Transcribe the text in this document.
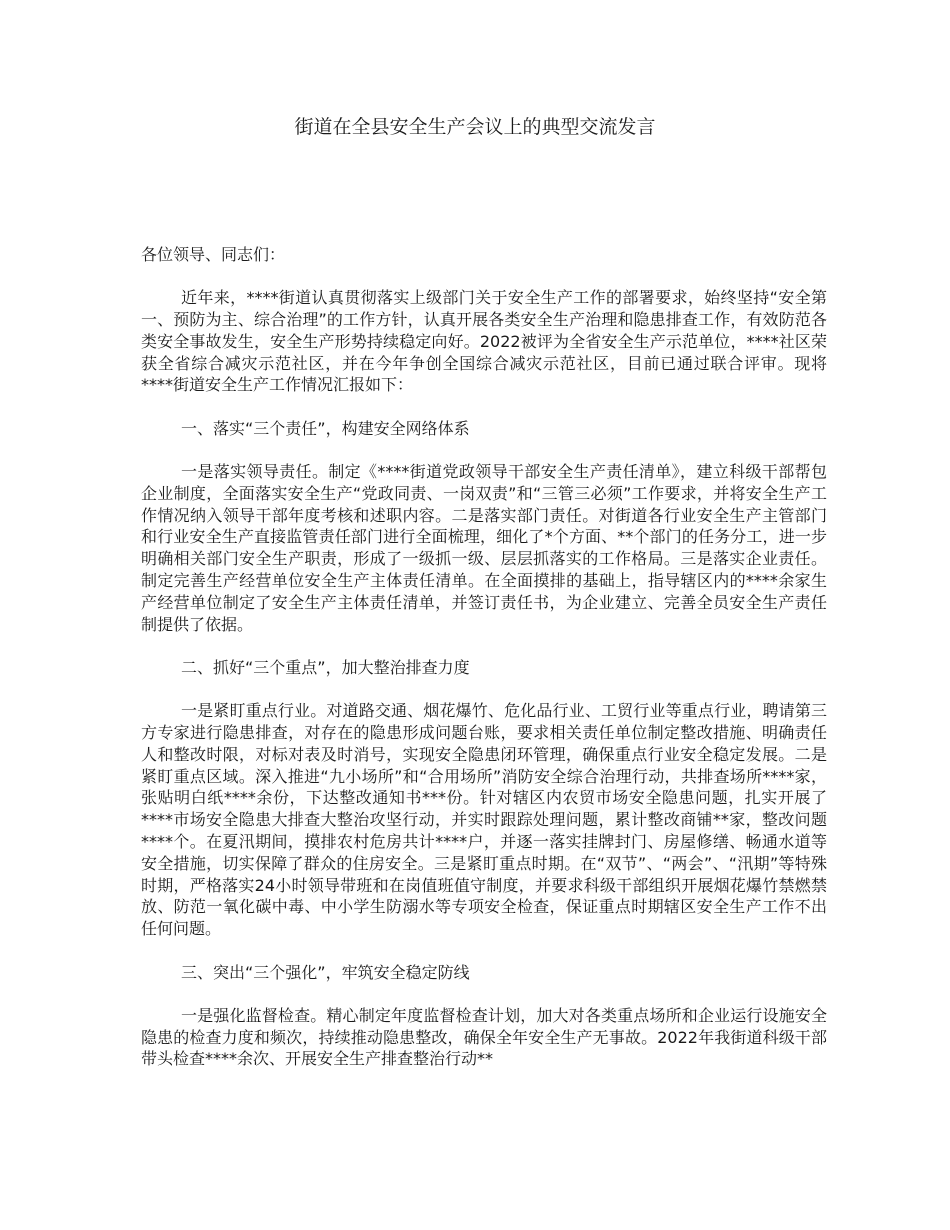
街道在全县安全生产会议上的典型交流发言

各位领导、同志们：

近年来，****街道认真贯彻落实上级部门关于安全生产工作的部署要求，始终坚持“安全第一、预防为主、综合治理”的工作方针，认真开展各类安全生产治理和隐患排查工作，有效防范各类安全事故发生，安全生产形势持续稳定向好。2022被评为全省安全生产示范单位，****社区荣获全省综合减灾示范社区，并在今年争创全国综合减灾示范社区，目前已通过联合评审。现将****街道安全生产工作情况汇报如下：

一、落实“三个责任”，构建安全网络体系

一是落实领导责任。制定《****街道党政领导干部安全生产责任清单》，建立科级干部帮包企业制度，全面落实安全生产“党政同责、一岗双责”和“三管三必须”工作要求，并将安全生产工作情况纳入领导干部年度考核和述职内容。二是落实部门责任。对街道各行业安全生产主管部门和行业安全生产直接监管责任部门进行全面梳理，细化了*个方面、**个部门的任务分工，进一步明确相关部门安全生产职责，形成了一级抓一级、层层抓落实的工作格局。三是落实企业责任。制定完善生产经营单位安全生产主体责任清单。在全面摸排的基础上，指导辖区内的****余家生产经营单位制定了安全生产主体责任清单，并签订责任书，为企业建立、完善全员安全生产责任制提供了依据。

二、抓好“三个重点”，加大整治排查力度

一是紧盯重点行业。对道路交通、烟花爆竹、危化品行业、工贸行业等重点行业，聘请第三方专家进行隐患排查，对存在的隐患形成问题台账，要求相关责任单位制定整改措施、明确责任人和整改时限，对标对表及时消号，实现安全隐患闭环管理，确保重点行业安全稳定发展。二是紧盯重点区域。深入推进“九小场所”和“合用场所”消防安全综合治理行动，共排查场所****家，张贴明白纸****余份，下达整改通知书***份。针对辖区内农贸市场安全隐患问题，扎实开展了****市场安全隐患大排查大整治攻坚行动，并实时跟踪处理问题，累计整改商铺**家，整改问题****个。在夏汛期间，摸排农村危房共计****户，并逐一落实挂牌封门、房屋修缮、畅通水道等安全措施，切实保障了群众的住房安全。三是紧盯重点时期。在“双节”、“两会”、“汛期”等特殊时期，严格落实24小时领导带班和在岗值班值守制度，并要求科级干部组织开展烟花爆竹禁燃禁放、防范一氧化碳中毒、中小学生防溺水等专项安全检查，保证重点时期辖区安全生产工作不出任何问题。

三、突出“三个强化”，牢筑安全稳定防线

一是强化监督检查。精心制定年度监督检查计划，加大对各类重点场所和企业运行设施安全隐患的检查力度和频次，持续推动隐患整改，确保全年安全生产无事故。2022年我街道科级干部带头检查****余次、开展安全生产排查整治行动**
